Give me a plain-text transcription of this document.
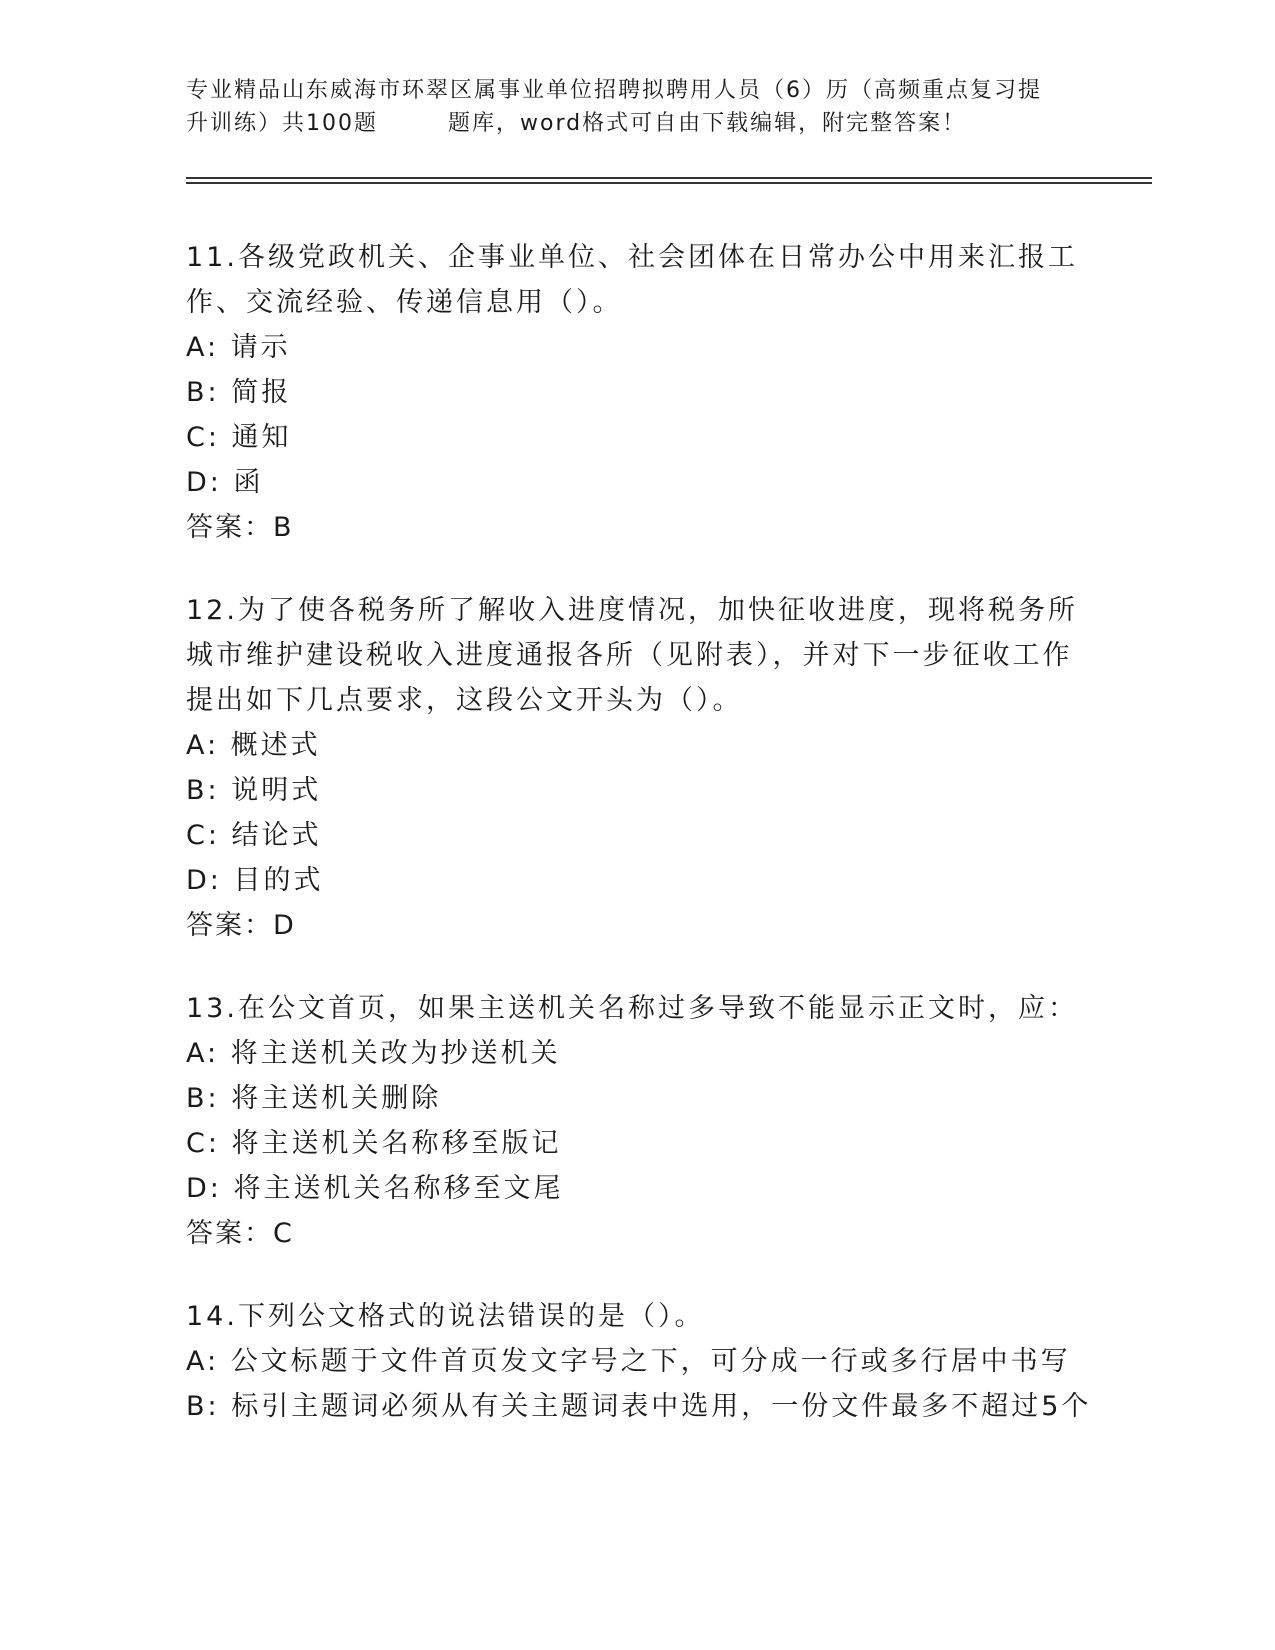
专业精品山东威海市环翠区属事业单位招聘拟聘用人员（6）历（高频重点复习提
升训练）共100题	题库，word格式可自由下载编辑，附完整答案！
11.各级党政机关、企事业单位、社会团体在日常办公中用来汇报工作、交流经验、传递信息用（）。
A: 请示
B: 简报
C: 通知
D: 函
答案：B
12.为了使各税务所了解收入进度情况，加快征收进度，现将税务所城市维护建设税收入进度通报各所（见附表），并对下一步征收工作提出如下几点要求，这段公文开头为（）。
A: 概述式
B: 说明式
C: 结论式
D: 目的式
答案：D
13.在公文首页，如果主送机关名称过多导致不能显示正文时，应：
A: 将主送机关改为抄送机关
B: 将主送机关删除
C: 将主送机关名称移至版记
D: 将主送机关名称移至文尾
答案：C
14.下列公文格式的说法错误的是（）。
A: 公文标题于文件首页发文字号之下，可分成一行或多行居中书写
B: 标引主题词必须从有关主题词表中选用，一份文件最多不超过5个
